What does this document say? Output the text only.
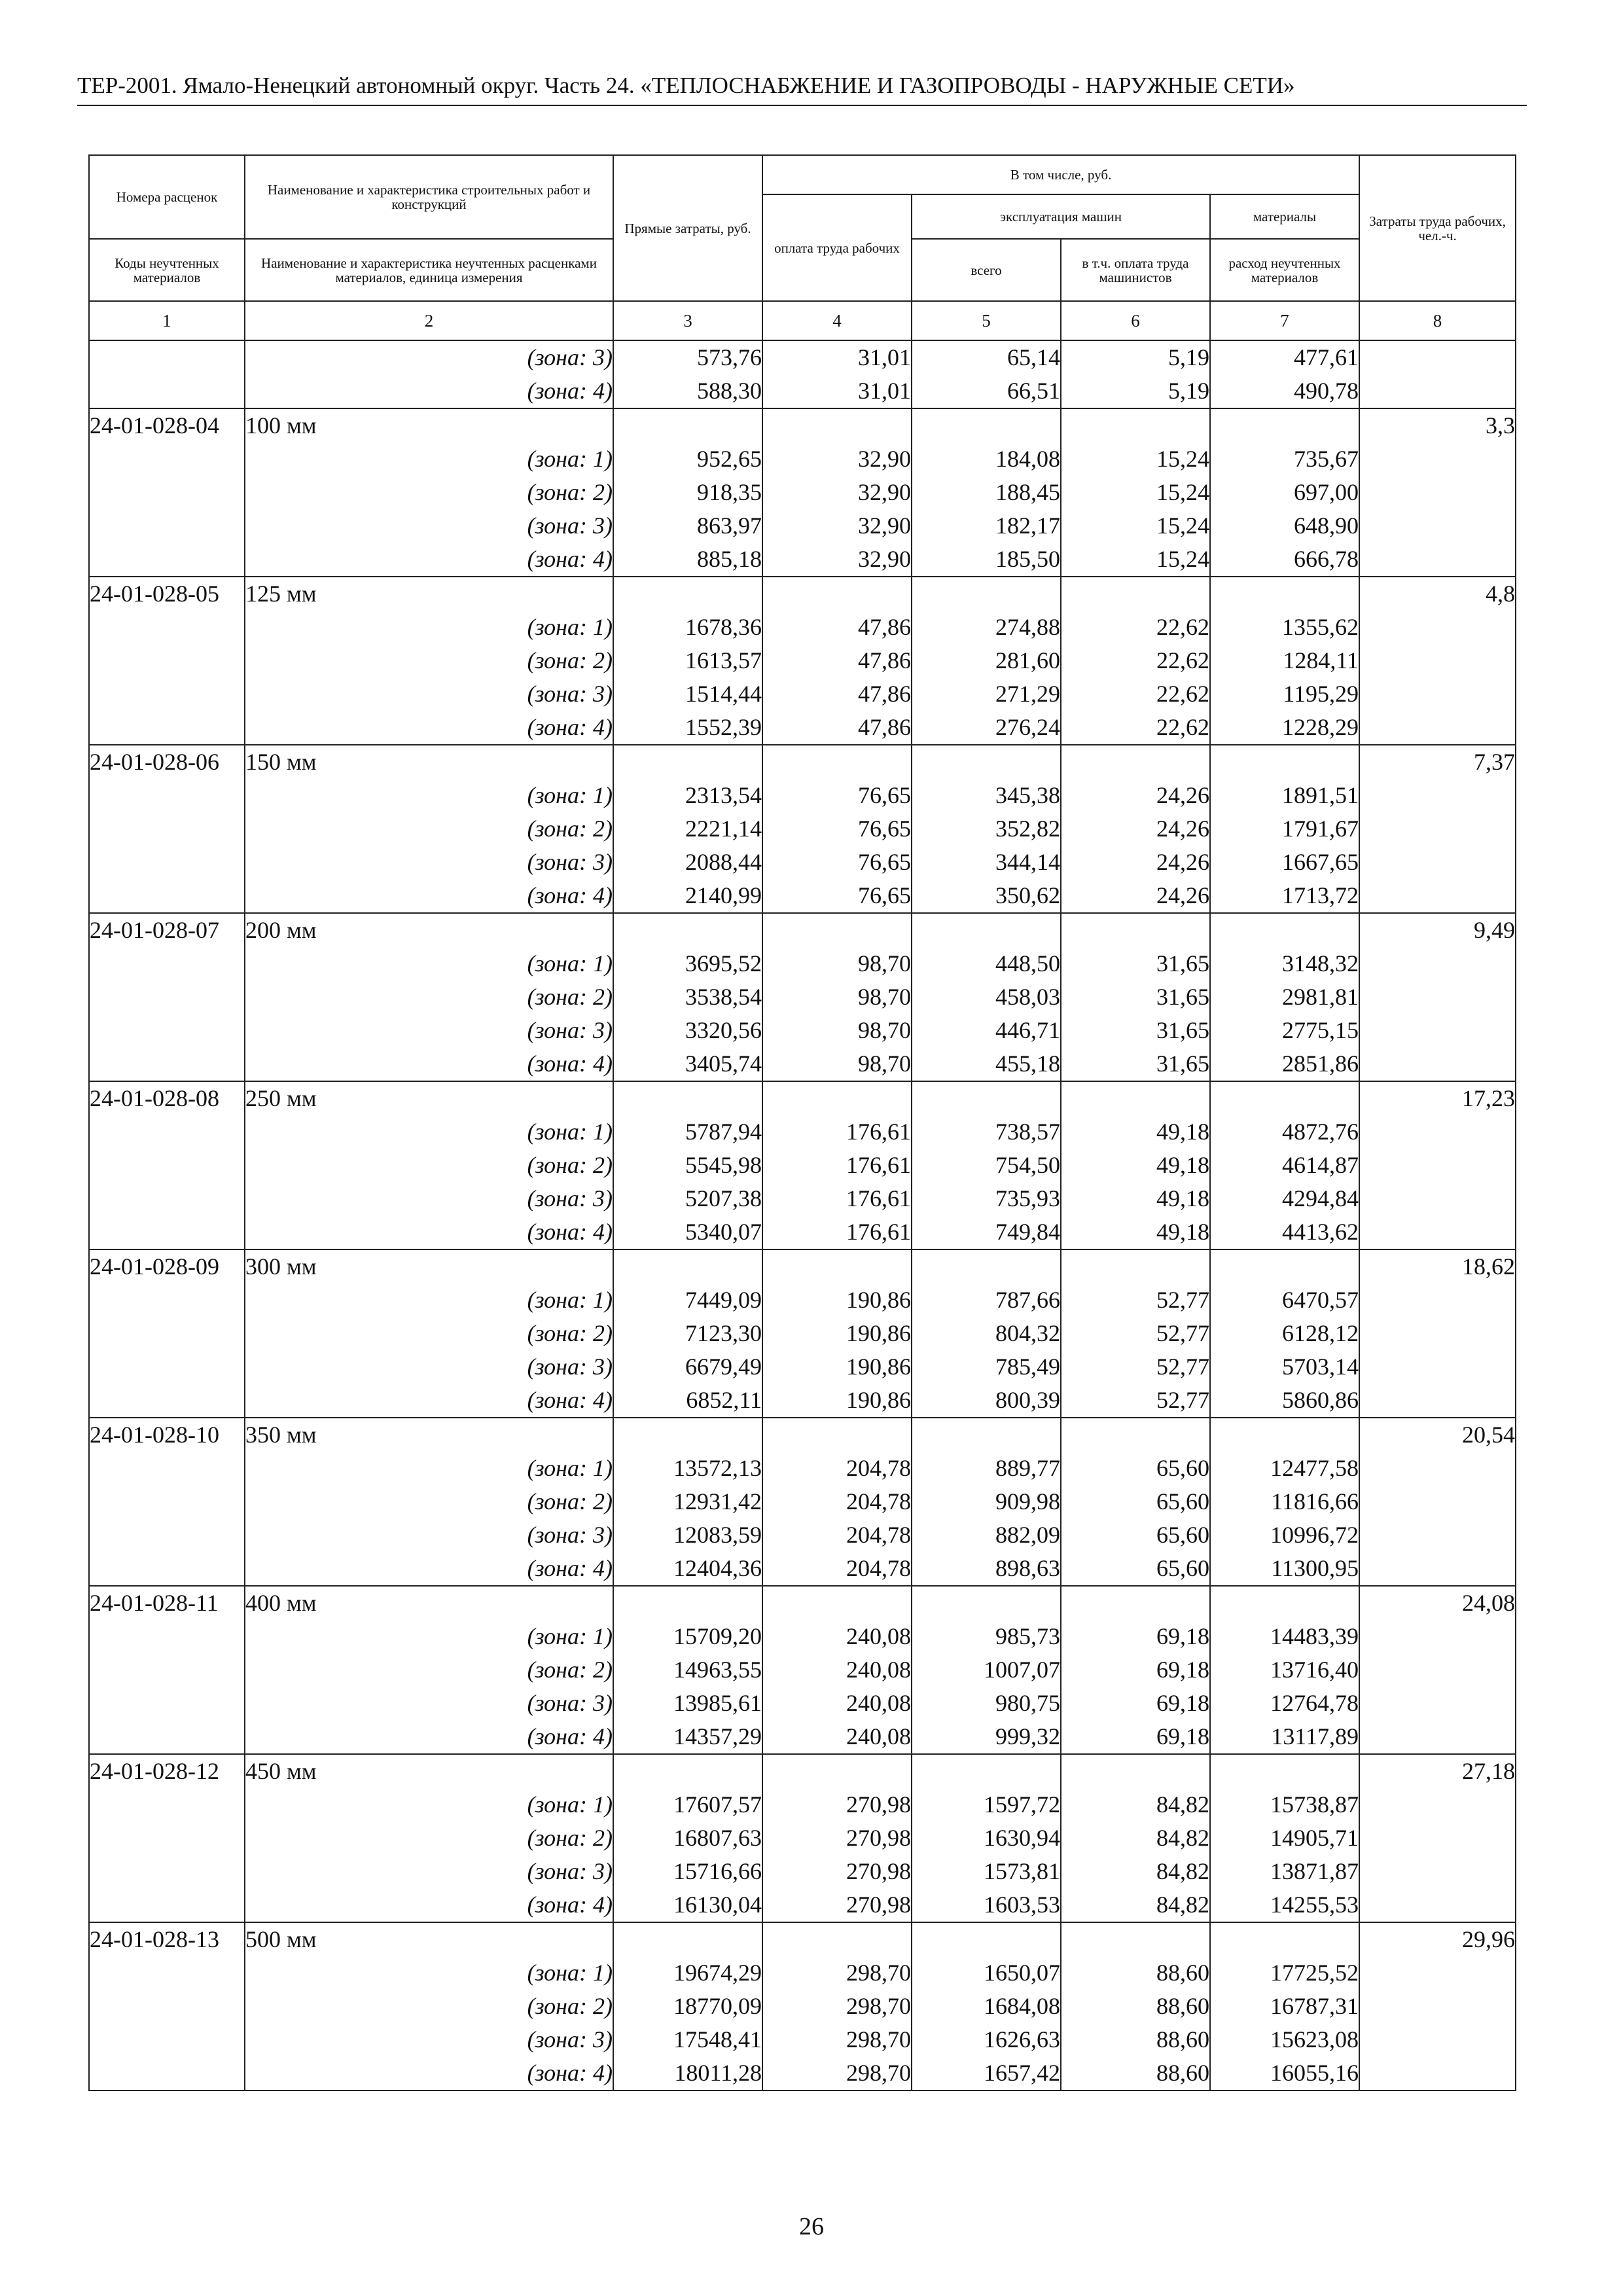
ТЕР-2001. Ямало-Ненецкий автономный округ. Часть 24. «ТЕПЛОСНАБЖЕНИЕ И ГАЗОПРОВОДЫ - НАРУЖНЫЕ СЕТИ»
Номера расценок	Наименование и характеристика строительных работ и конструкций	Прямые затраты, руб.	В том числе, руб.				Затраты труда рабочих, чел.-ч.
			оплата труда рабочих	эксплуатация машин		материалы	
Коды неучтенных материалов	Наименование и характеристика неучтенных расценками материалов, единица измерения			всего	в т.ч. оплата труда машинистов	расход неучтенных материалов	
1	2	3	4	5	6	7	8
	(зона: 3)	573,76	31,01	65,14	5,19	477,61	
	(зона: 4)	588,30	31,01	66,51	5,19	490,78	
24-01-028-04	100 мм						3,3
	(зона: 1)	952,65	32,90	184,08	15,24	735,67	
	(зона: 2)	918,35	32,90	188,45	15,24	697,00	
	(зона: 3)	863,97	32,90	182,17	15,24	648,90	
	(зона: 4)	885,18	32,90	185,50	15,24	666,78	
24-01-028-05	125 мм						4,8
	(зона: 1)	1678,36	47,86	274,88	22,62	1355,62	
	(зона: 2)	1613,57	47,86	281,60	22,62	1284,11	
	(зона: 3)	1514,44	47,86	271,29	22,62	1195,29	
	(зона: 4)	1552,39	47,86	276,24	22,62	1228,29	
24-01-028-06	150 мм						7,37
	(зона: 1)	2313,54	76,65	345,38	24,26	1891,51	
	(зона: 2)	2221,14	76,65	352,82	24,26	1791,67	
	(зона: 3)	2088,44	76,65	344,14	24,26	1667,65	
	(зона: 4)	2140,99	76,65	350,62	24,26	1713,72	
24-01-028-07	200 мм						9,49
	(зона: 1)	3695,52	98,70	448,50	31,65	3148,32	
	(зона: 2)	3538,54	98,70	458,03	31,65	2981,81	
	(зона: 3)	3320,56	98,70	446,71	31,65	2775,15	
	(зона: 4)	3405,74	98,70	455,18	31,65	2851,86	
24-01-028-08	250 мм						17,23
	(зона: 1)	5787,94	176,61	738,57	49,18	4872,76	
	(зона: 2)	5545,98	176,61	754,50	49,18	4614,87	
	(зона: 3)	5207,38	176,61	735,93	49,18	4294,84	
	(зона: 4)	5340,07	176,61	749,84	49,18	4413,62	
24-01-028-09	300 мм						18,62
	(зона: 1)	7449,09	190,86	787,66	52,77	6470,57	
	(зона: 2)	7123,30	190,86	804,32	52,77	6128,12	
	(зона: 3)	6679,49	190,86	785,49	52,77	5703,14	
	(зона: 4)	6852,11	190,86	800,39	52,77	5860,86	
24-01-028-10	350 мм						20,54
	(зона: 1)	13572,13	204,78	889,77	65,60	12477,58	
	(зона: 2)	12931,42	204,78	909,98	65,60	11816,66	
	(зона: 3)	12083,59	204,78	882,09	65,60	10996,72	
	(зона: 4)	12404,36	204,78	898,63	65,60	11300,95	
24-01-028-11	400 мм						24,08
	(зона: 1)	15709,20	240,08	985,73	69,18	14483,39	
	(зона: 2)	14963,55	240,08	1007,07	69,18	13716,40	
	(зона: 3)	13985,61	240,08	980,75	69,18	12764,78	
	(зона: 4)	14357,29	240,08	999,32	69,18	13117,89	
24-01-028-12	450 мм						27,18
	(зона: 1)	17607,57	270,98	1597,72	84,82	15738,87	
	(зона: 2)	16807,63	270,98	1630,94	84,82	14905,71	
	(зона: 3)	15716,66	270,98	1573,81	84,82	13871,87	
	(зона: 4)	16130,04	270,98	1603,53	84,82	14255,53	
24-01-028-13	500 мм						29,96
	(зона: 1)	19674,29	298,70	1650,07	88,60	17725,52	
	(зона: 2)	18770,09	298,70	1684,08	88,60	16787,31	
	(зона: 3)	17548,41	298,70	1626,63	88,60	15623,08	
	(зона: 4)	18011,28	298,70	1657,42	88,60	16055,16	
26
